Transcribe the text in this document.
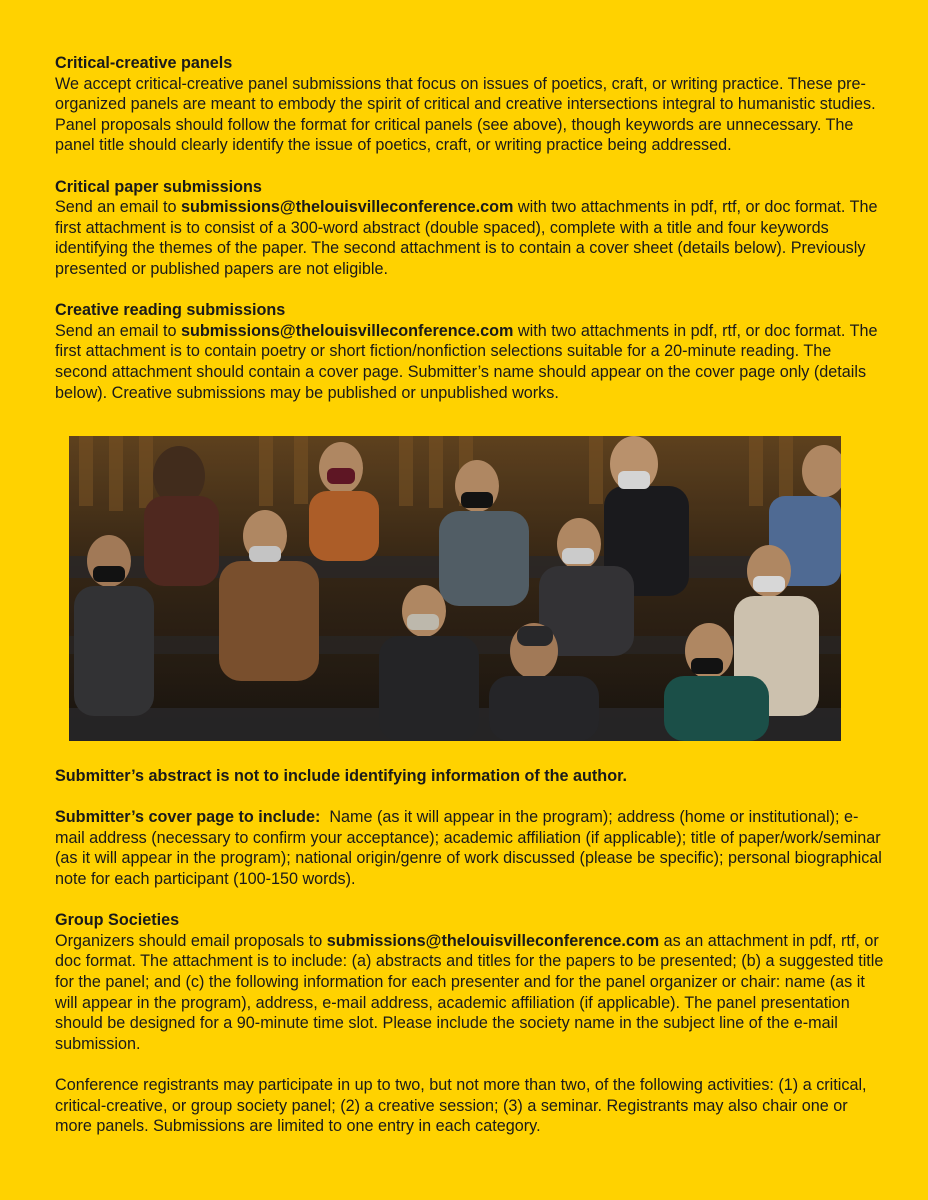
Critical-creative panels
We accept critical-creative panel submissions that focus on issues of poetics, craft, or writing practice. These pre-organized panels are meant to embody the spirit of critical and creative intersections integral to humanistic studies. Panel proposals should follow the format for critical panels (see above), though keywords are unnecessary. The panel title should clearly identify the issue of poetics, craft, or writing practice being addressed.

Critical paper submissions
Send an email to submissions@thelouisvilleconference.com with two attachments in pdf, rtf, or doc format. The first attachment is to consist of a 300-word abstract (double spaced), complete with a title and four keywords identifying the themes of the paper. The second attachment is to contain a cover sheet (details below). Previously presented or published papers are not eligible.

Creative reading submissions
Send an email to submissions@thelouisvilleconference.com with two attachments in pdf, rtf, or doc format. The first attachment is to contain poetry or short fiction/nonfiction selections suitable for a 20-minute reading. The second attachment should contain a cover page. Submitter’s name should appear on the cover page only (details below). Creative submissions may be published or unpublished works.

Submitter’s abstract is not to include identifying information of the author.

Submitter’s cover page to include:  Name (as it will appear in the program); address (home or institutional); e-mail address (necessary to confirm your acceptance); academic affiliation (if applicable); title of paper/work/seminar (as it will appear in the program); national origin/genre of work discussed (please be specific); personal biographical note for each participant (100-150 words).

Group Societies
Organizers should email proposals to submissions@thelouisvilleconference.com as an attachment in pdf, rtf, or doc format. The attachment is to include: (a) abstracts and titles for the papers to be presented; (b) a suggested title for the panel; and (c) the following information for each presenter and for the panel organizer or chair: name (as it will appear in the program), address, e-mail address, academic affiliation (if applicable). The panel presentation should be designed for a 90-minute time slot. Please include the society name in the subject line of the e-mail submission.

Conference registrants may participate in up to two, but not more than two, of the following activities: (1) a critical, critical-creative, or group society panel; (2) a creative session; (3) a seminar. Registrants may also chair one or more panels. Submissions are limited to one entry in each category.
